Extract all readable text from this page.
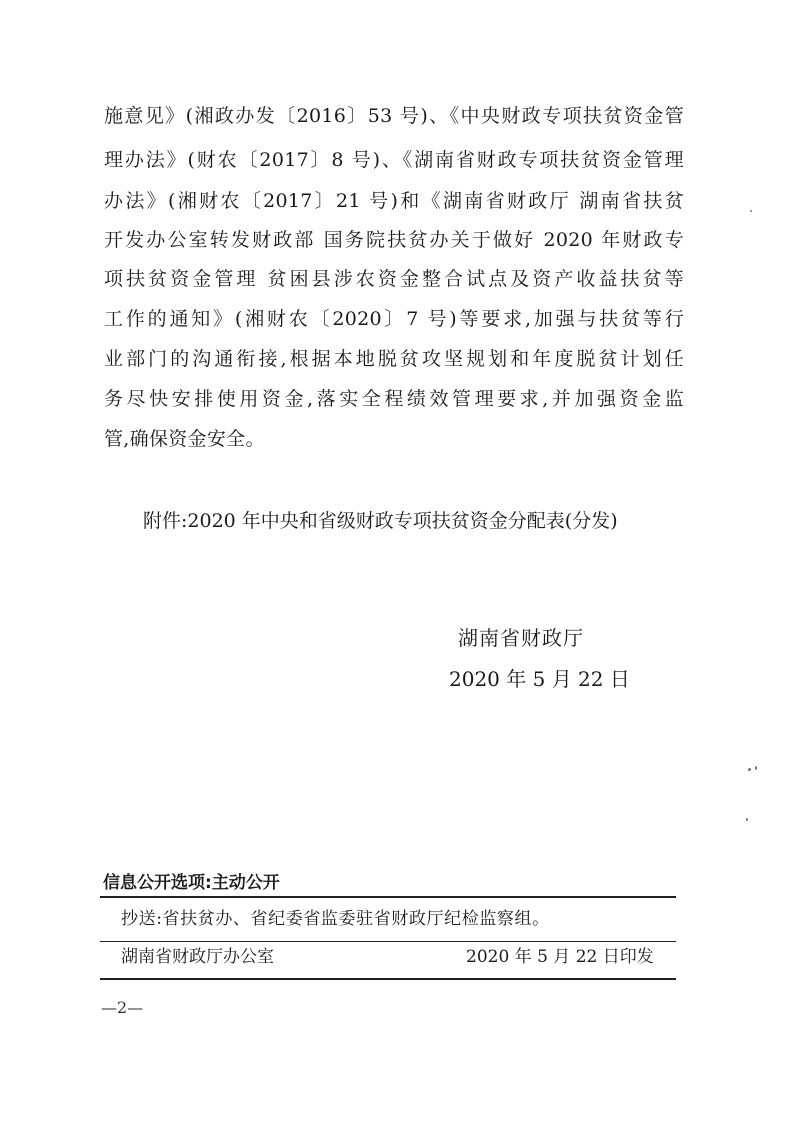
施意见》(湘政办发〔2016〕53 号)、《中央财政专项扶贫资金管
理办法》(财农〔2017〕8 号)、《湖南省财政专项扶贫资金管理
办法》(湘财农〔2017〕21 号)和《湖南省财政厅 湖南省扶贫
开发办公室转发财政部 国务院扶贫办关于做好 2020 年财政专
项扶贫资金管理 贫困县涉农资金整合试点及资产收益扶贫等
工作的通知》(湘财农〔2020〕7 号)等要求,加强与扶贫等行
业部门的沟通衔接,根据本地脱贫攻坚规划和年度脱贫计划任
务尽快安排使用资金,落实全程绩效管理要求,并加强资金监
管,确保资金安全。
附件:2020 年中央和省级财政专项扶贫资金分配表(分发)
湖南省财政厅
2020 年 5 月 22 日
信息公开选项:主动公开
抄送:省扶贫办、省纪委省监委驻省财政厅纪检监察组。
湖南省财政厅办公室	2020 年 5 月 22 日印发
—2—
